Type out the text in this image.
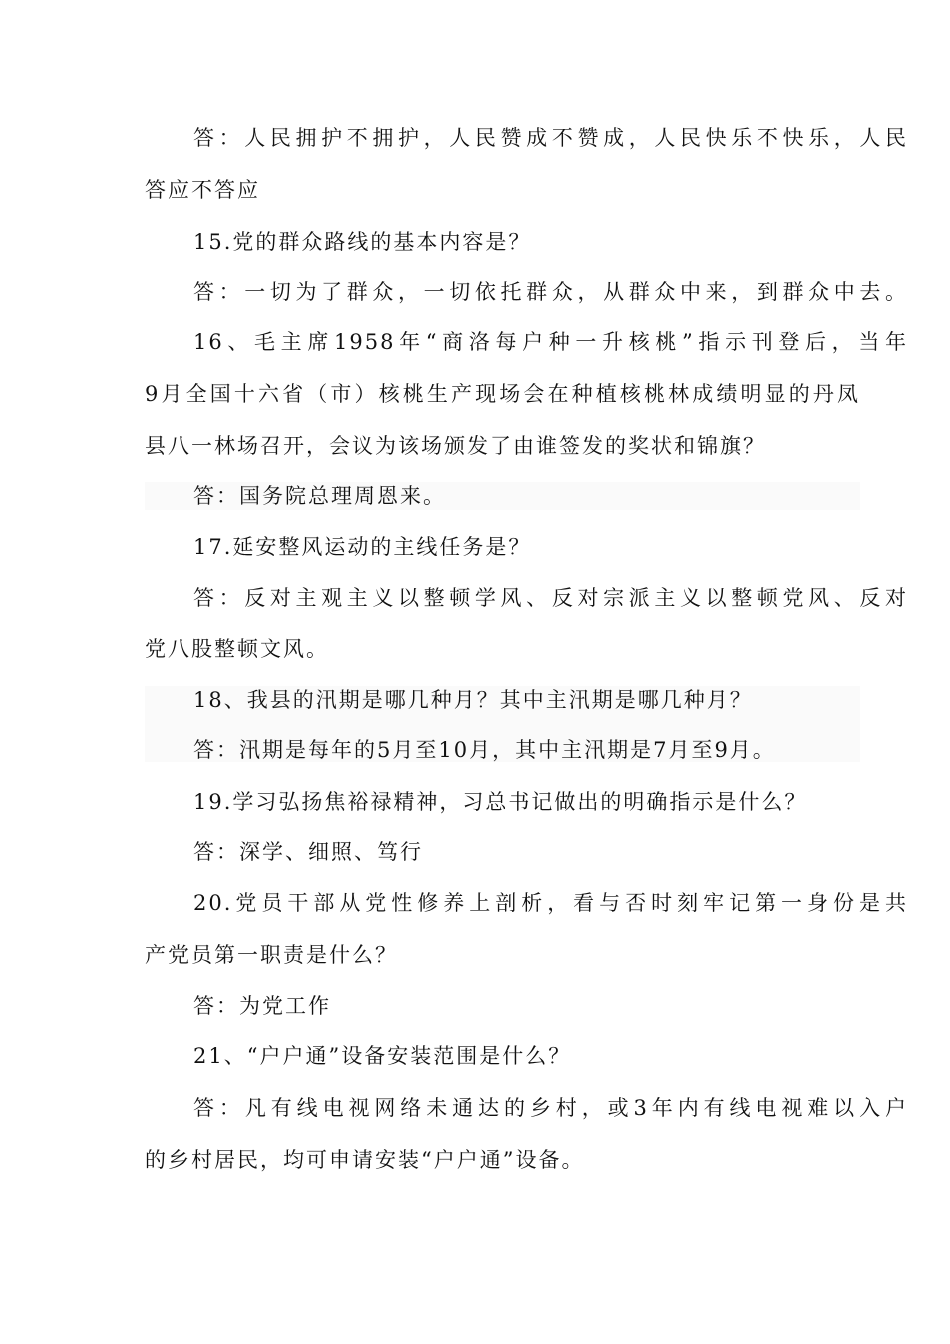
答：人民拥护不拥护，人民赞成不赞成，人民快乐不快乐，人民
答应不答应
15.党的群众路线的基本内容是？
答：一切为了群众，一切依托群众，从群众中来，到群众中去。
16、毛主席1958年“商洛每户种一升核桃”指示刊登后，当年
9月全国十六省（市）核桃生产现场会在种植核桃林成绩明显的丹凤
县八一林场召开，会议为该场颁发了由谁签发的奖状和锦旗？
答：国务院总理周恩来。
17.延安整风运动的主线任务是？
答：反对主观主义以整顿学风、反对宗派主义以整顿党风、反对
党八股整顿文风。
18、我县的汛期是哪几种月？其中主汛期是哪几种月？
答：汛期是每年的5月至10月，其中主汛期是7月至9月。
19.学习弘扬焦裕禄精神，习总书记做出的明确指示是什么？
答：深学、细照、笃行
20.党员干部从党性修养上剖析，看与否时刻牢记第一身份是共
产党员第一职责是什么？
答：为党工作
21、“户户通”设备安装范围是什么？
答：凡有线电视网络未通达的乡村，或3年内有线电视难以入户
的乡村居民，均可申请安装“户户通”设备。
